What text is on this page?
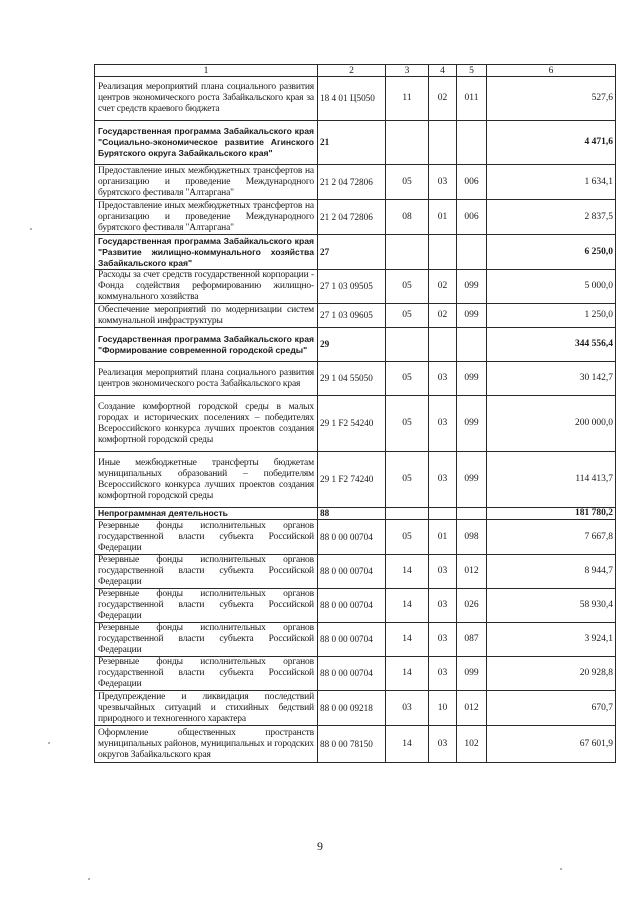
1	2	3	4	5	6
Реализация мероприятий плана социального развития центров экономического роста Забайкальского края за счет средств краевого бюджета	18 4 01 Ц5050	11	02	011	527,6
Государственная программа Забайкальского края "Социально-экономическое развитие Агинского Бурятского округа Забайкальского края"	21				4 471,6
Предоставление иных межбюджетных трансфертов на организацию и проведение Международного бурятского фестиваля "Алтаргана"	21 2 04 72806	05	03	006	1 634,1
Предоставление иных межбюджетных трансфертов на организацию и проведение Международного бурятского фестиваля "Алтаргана"	21 2 04 72806	08	01	006	2 837,5
Государственная программа Забайкальского края "Развитие жилищно-коммунального хозяйства Забайкальского края"	27				6 250,0
Расходы за счет средств государственной корпорации - Фонда содействия реформированию жилищно-коммунального хозяйства	27 1 03 09505	05	02	099	5 000,0
Обеспечение мероприятий по модернизации систем коммунальной инфраструктуры	27 1 03 09605	05	02	099	1 250,0
Государственная программа Забайкальского края "Формирование современной городской среды"	29				344 556,4
Реализация мероприятий плана социального развития центров экономического роста Забайкальского края	29 1 04 55050	05	03	099	30 142,7
Создание комфортной городской среды в малых городах и исторических поселениях – победителях Всероссийского конкурса лучших проектов создания комфортной городской среды	29 1 F2 54240	05	03	099	200 000,0
Иные межбюджетные трансферты бюджетам муниципальных образований – победителям Всероссийского конкурса лучших проектов создания комфортной городской среды	29 1 F2 74240	05	03	099	114 413,7
Непрограммная деятельность	88				181 780,2
Резервные фонды исполнительных органов государственной власти субъекта Российской Федерации	88 0 00 00704	05	01	098	7 667,8
Резервные фонды исполнительных органов государственной власти субъекта Российской Федерации	88 0 00 00704	14	03	012	8 944,7
Резервные фонды исполнительных органов государственной власти субъекта Российской Федерации	88 0 00 00704	14	03	026	58 930,4
Резервные фонды исполнительных органов государственной власти субъекта Российской Федерации	88 0 00 00704	14	03	087	3 924,1
Резервные фонды исполнительных органов государственной власти субъекта Российской Федерации	88 0 00 00704	14	03	099	20 928,8
Предупреждение и ликвидация последствий чрезвычайных ситуаций и стихийных бедствий природного и техногенного характера	88 0 00 09218	03	10	012	670,7
Оформление общественных пространств муниципальных районов, муниципальных и городских округов Забайкальского края	88 0 00 78150	14	03	102	67 601,9
9
